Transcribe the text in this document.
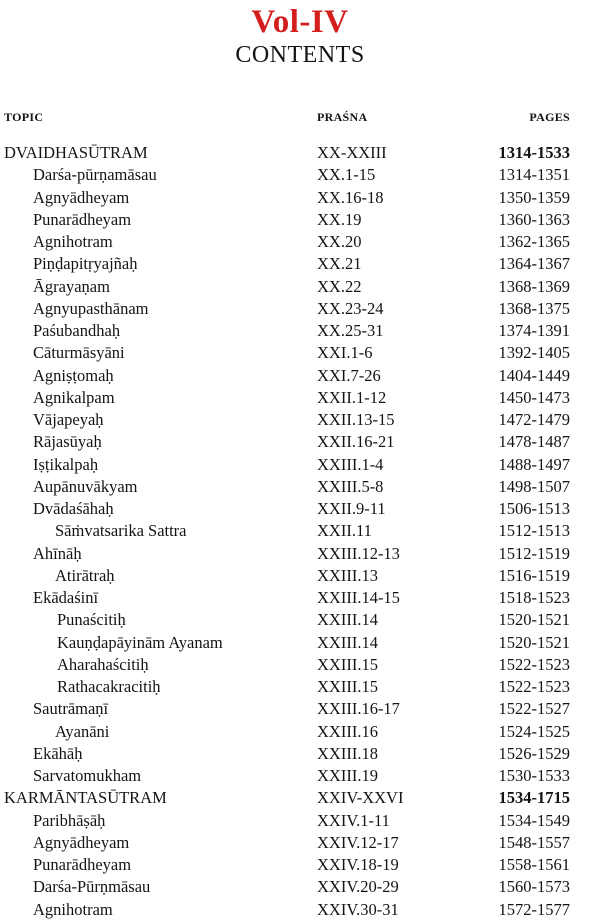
Vol-IV
CONTENTS
TOPIC	PRAŚNA	PAGES
DVAIDHASŪTRAM	XX-XXIII	1314-1533
Darśa-pūrṇamāsau	XX.1-15	1314-1351
Agnyādheyam	XX.16-18	1350-1359
Punarādheyam	XX.19	1360-1363
Agnihotram	XX.20	1362-1365
Piṇḍapitṛyajñaḥ	XX.21	1364-1367
Āgrayaṇam	XX.22	1368-1369
Agnyupasthānam	XX.23-24	1368-1375
Paśubandhaḥ	XX.25-31	1374-1391
Cāturmāsyāni	XXI.1-6	1392-1405
Agniṣṭomaḥ	XXI.7-26	1404-1449
Agnikalpam	XXII.1-12	1450-1473
Vājapeyaḥ	XXII.13-15	1472-1479
Rājasūyaḥ	XXII.16-21	1478-1487
Iṣṭikalpaḥ	XXIII.1-4	1488-1497
Aupānuvākyam	XXIII.5-8	1498-1507
Dvādaśāhaḥ	XXII.9-11	1506-1513
Sāṁvatsarika Sattra	XXII.11	1512-1513
Ahīnāḥ	XXIII.12-13	1512-1519
Atirātraḥ	XXIII.13	1516-1519
Ekādaśinī	XXIII.14-15	1518-1523
Punaścitiḥ	XXIII.14	1520-1521
Kauṇḍapāyinām Ayanam	XXIII.14	1520-1521
Aharahaścitiḥ	XXIII.15	1522-1523
Rathacakracitiḥ	XXIII.15	1522-1523
Sautrāmaṇī	XXIII.16-17	1522-1527
Ayanāni	XXIII.16	1524-1525
Ekāhāḥ	XXIII.18	1526-1529
Sarvatomukham	XXIII.19	1530-1533
KARMĀNTASŪTRAM	XXIV-XXVI	1534-1715
Paribhāṣāḥ	XXIV.1-11	1534-1549
Agnyādheyam	XXIV.12-17	1548-1557
Punarādheyam	XXIV.18-19	1558-1561
Darśa-Pūrṇmāsau	XXIV.20-29	1560-1573
Agnihotram	XXIV.30-31	1572-1577
